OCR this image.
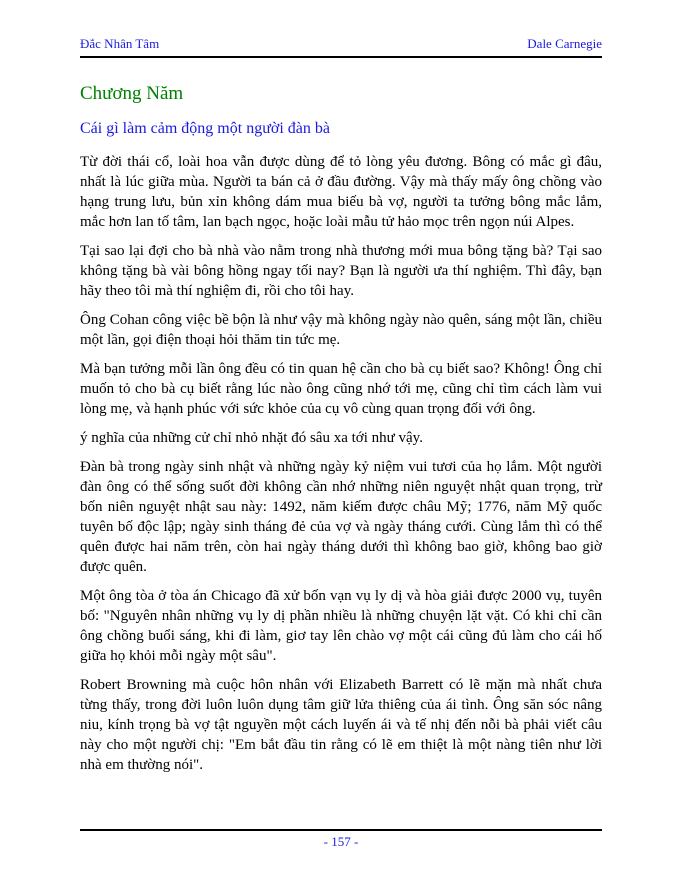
Đắc Nhân Tâm	Dale Carnegie
Chương Năm
Cái gì làm cảm động một người đàn bà

Từ đời thái cổ, loài hoa vẫn được dùng để tỏ lòng yêu đương. Bông có mắc gì đâu, nhất là lúc giữa mùa. Người ta bán cả ở đầu đường. Vậy mà thấy mấy ông chồng vào hạng trung lưu, bủn xỉn không dám mua biếu bà vợ, người ta tưởng bông mắc lắm, mắc hơn lan tố tâm, lan bạch ngọc, hoặc loài mẫu tử hảo mọc trên ngọn núi Alpes.

Tại sao lại đợi cho bà nhà vào nằm trong nhà thương mới mua bông tặng bà? Tại sao không tặng bà vài bông hồng ngay tối nay? Bạn là người ưa thí nghiệm. Thì đây, bạn hãy theo tôi mà thí nghiệm đi, rồi cho tôi hay.

Ông Cohan công việc bề bộn là như vậy mà không ngày nào quên, sáng một lần, chiều một lần, gọi điện thoại hỏi thăm tin tức mẹ.

Mà bạn tưởng mỗi lần ông đều có tin quan hệ cần cho bà cụ biết sao? Không! Ông chỉ muốn tỏ cho bà cụ biết rằng lúc nào ông cũng nhớ tới mẹ, cũng chỉ tìm cách làm vui lòng mẹ, và hạnh phúc với sức khỏe của cụ vô cùng quan trọng đối với ông.

ý nghĩa của những cử chỉ nhỏ nhặt đó sâu xa tới như vậy.

Đàn bà trong ngày sinh nhật và những ngày kỷ niệm vui tươi của họ lắm. Một người đàn ông có thể sống suốt đời không cần nhớ những niên nguyệt nhật quan trọng, trừ bốn niên nguyệt nhật sau này: 1492, năm kiếm được châu Mỹ; 1776, năm Mỹ quốc tuyên bố độc lập; ngày sinh tháng đẻ của vợ và ngày tháng cưới. Cùng lắm thì có thể quên được hai năm trên, còn hai ngày tháng dưới thì không bao giờ, không bao giờ được quên.

Một ông tòa ở tòa án Chicago đã xử bốn vạn vụ ly dị và hòa giải được 2000 vụ, tuyên bố: "Nguyên nhân những vụ ly dị phần nhiều là những chuyện lặt vặt. Có khi chỉ cần ông chồng buổi sáng, khi đi làm, giơ tay lên chào vợ một cái cũng đủ làm cho cái hố giữa họ khỏi mỗi ngày một sâu".

Robert Browning mà cuộc hôn nhân với Elizabeth Barrett có lẽ mặn mà nhất chưa từng thấy, trong đời luôn luôn dụng tâm giữ lửa thiêng của ái tình. Ông săn sóc nâng niu, kính trọng bà vợ tật nguyền một cách luyến ái và tế nhị đến nỗi bà phải viết câu này cho một người chị: "Em bắt đầu tin rằng có lẽ em thiệt là một nàng tiên như lời nhà em thường nói".

- 157 -
